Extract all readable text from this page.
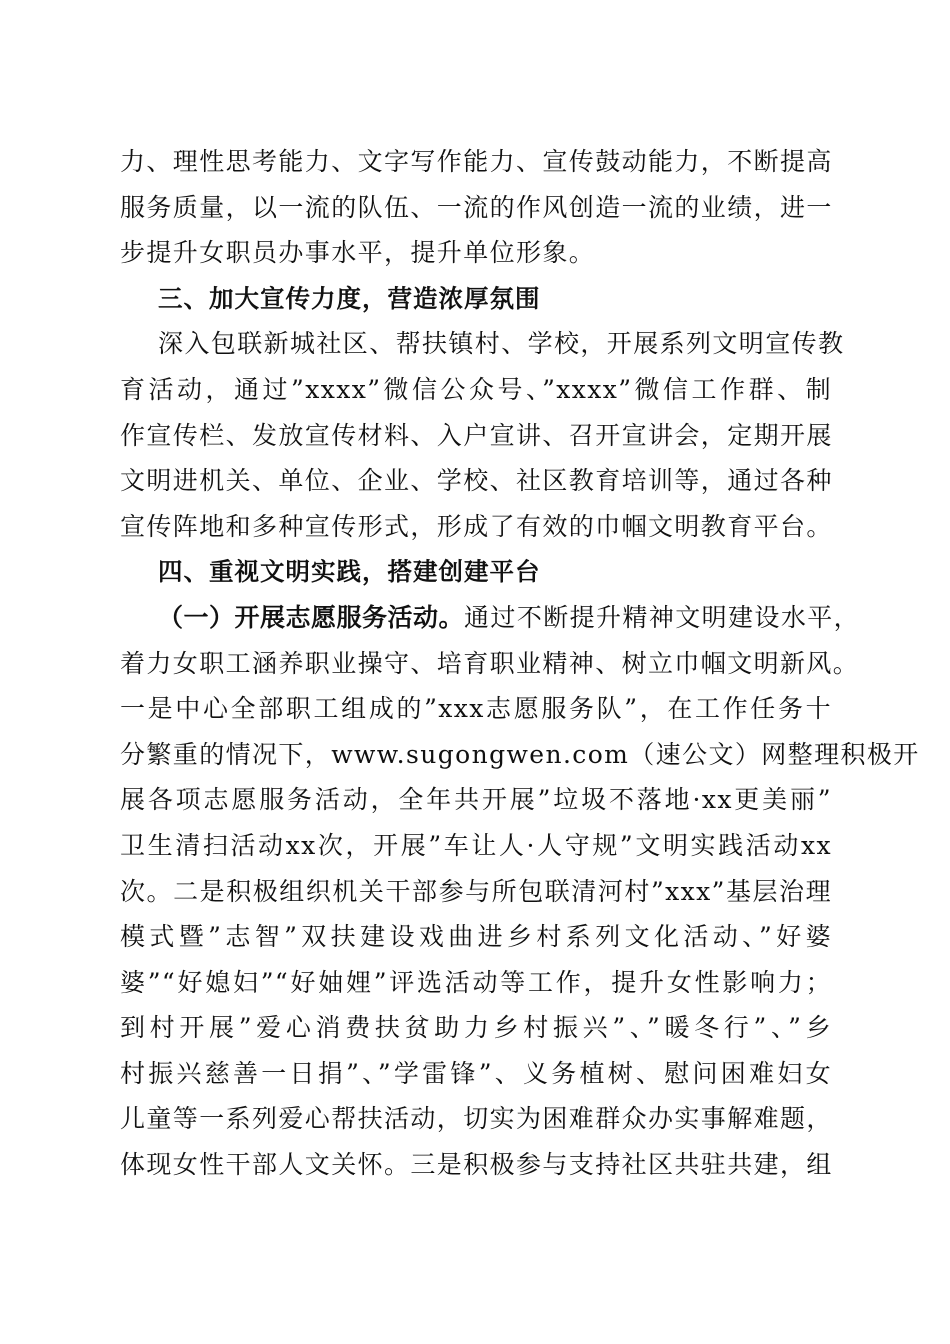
力、理性思考能力、文字写作能力、宣传鼓动能力，不断提高
服务质量，以一流的队伍、一流的作风创造一流的业绩，进一
步提升女职员办事水平，提升单位形象。
三、加大宣传力度，营造浓厚氛围
深入包联新城社区、帮扶镇村、学校，开展系列文明宣传教
育活动，通过”xxxx”微信公众号、”xxxx”微信工作群、制
作宣传栏、发放宣传材料、入户宣讲、召开宣讲会，定期开展
文明进机关、单位、企业、学校、社区教育培训等，通过各种
宣传阵地和多种宣传形式，形成了有效的巾帼文明教育平台。
四、重视文明实践，搭建创建平台
（一）开展志愿服务活动。通过不断提升精神文明建设水平，
着力女职工涵养职业操守、培育职业精神、树立巾帼文明新风。
一是中心全部职工组成的”xxx志愿服务队”，在工作任务十
分繁重的情况下，www.sugongwen.com（速公文）网整理积极开
展各项志愿服务活动，全年共开展”垃圾不落地·xx更美丽”
卫生清扫活动xx次，开展”车让人·人守规”文明实践活动xx
次。二是积极组织机关干部参与所包联清河村”xxx”基层治理
模式暨”志智”双扶建设戏曲进乡村系列文化活动、”好婆
婆”“好媳妇”“好妯娌”评选活动等工作，提升女性影响力；
到村开展”爱心消费扶贫助力乡村振兴”、”暖冬行”、”乡
村振兴慈善一日捐”、”学雷锋”、义务植树、慰问困难妇女
儿童等一系列爱心帮扶活动，切实为困难群众办实事解难题，
体现女性干部人文关怀。三是积极参与支持社区共驻共建，组
